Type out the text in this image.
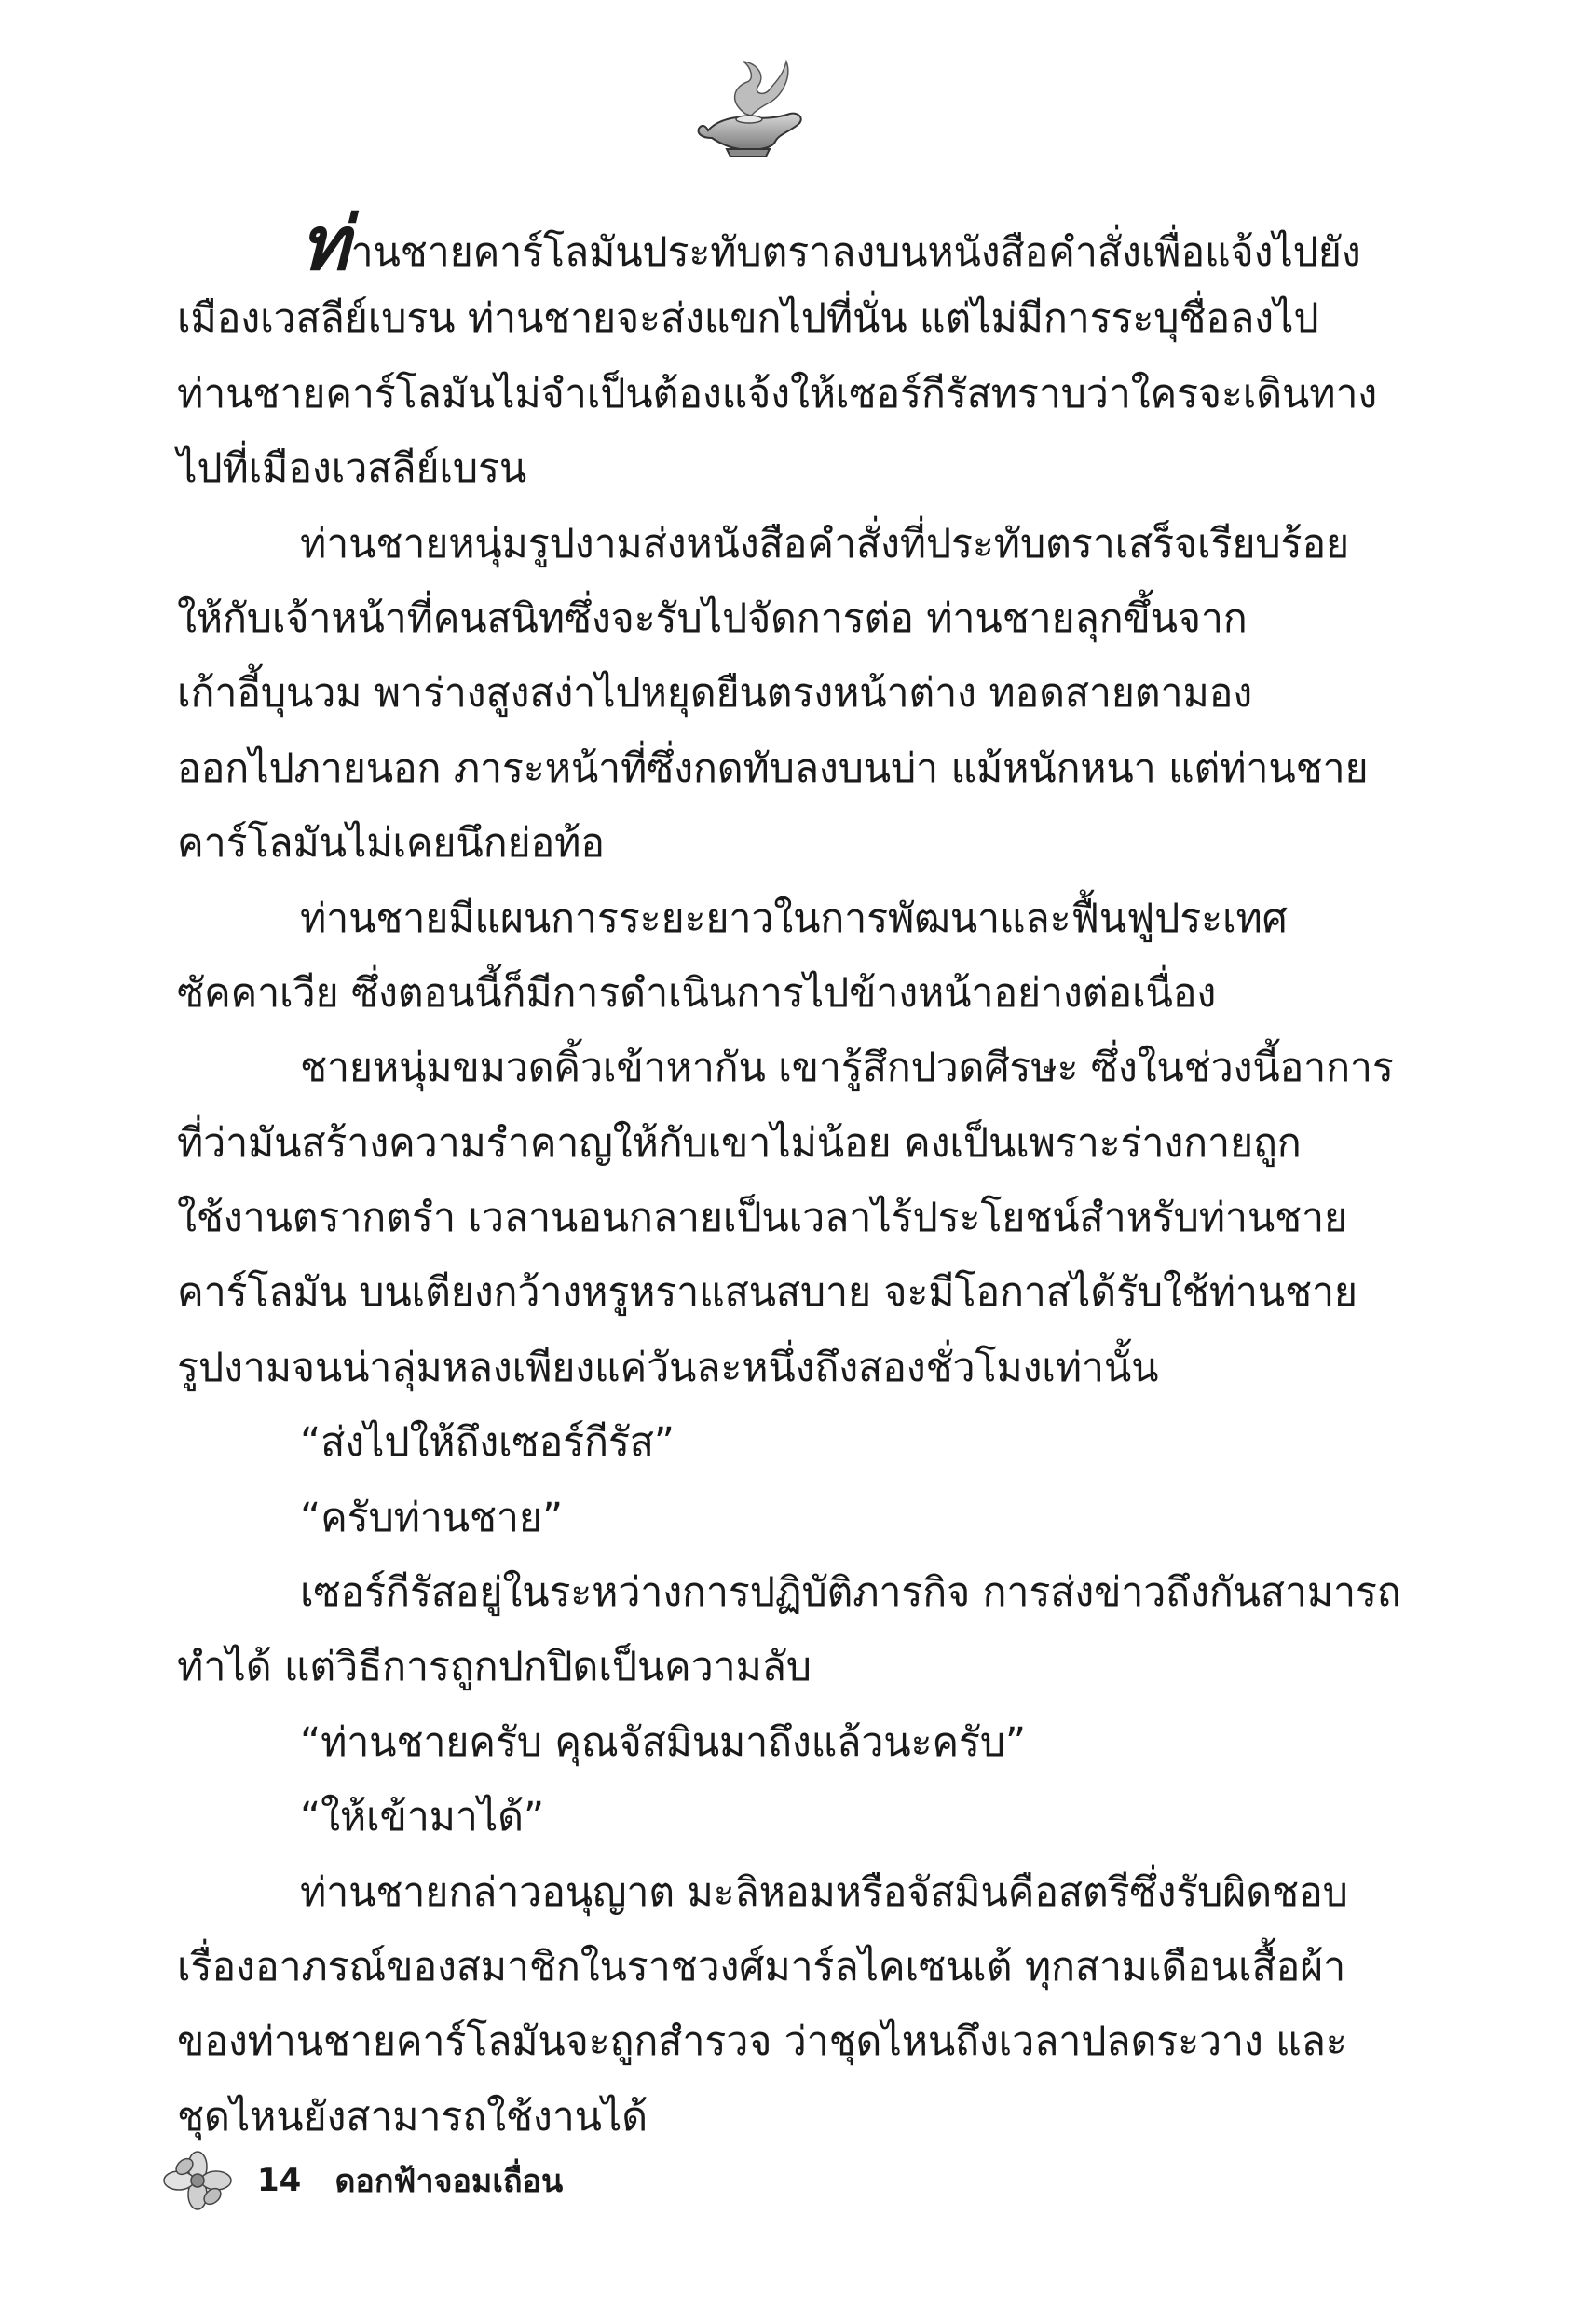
ท่านชายคาร์โลมันประทับตราลงบนหนังสือคำสั่งเพื่อแจ้งไปยัง
เมืองเวสลีย์เบรน ท่านชายจะส่งแขกไปที่นั่น แต่ไม่มีการระบุชื่อลงไป
ท่านชายคาร์โลมันไม่จำเป็นต้องแจ้งให้เซอร์กีรัสทราบว่าใครจะเดินทาง
ไปที่เมืองเวสลีย์เบรน
ท่านชายหนุ่มรูปงามส่งหนังสือคำสั่งที่ประทับตราเสร็จเรียบร้อย
ให้กับเจ้าหน้าที่คนสนิทซึ่งจะรับไปจัดการต่อ ท่านชายลุกขึ้นจาก
เก้าอี้บุนวม พาร่างสูงสง่าไปหยุดยืนตรงหน้าต่าง ทอดสายตามอง
ออกไปภายนอก ภาระหน้าที่ซึ่งกดทับลงบนบ่า แม้หนักหนา แต่ท่านชาย
คาร์โลมันไม่เคยนึกย่อท้อ
ท่านชายมีแผนการระยะยาวในการพัฒนาและฟื้นฟูประเทศ
ซัคคาเวีย ซึ่งตอนนี้ก็มีการดำเนินการไปข้างหน้าอย่างต่อเนื่อง
ชายหนุ่มขมวดคิ้วเข้าหากัน เขารู้สึกปวดศีรษะ ซึ่งในช่วงนี้อาการ
ที่ว่ามันสร้างความรำคาญให้กับเขาไม่น้อย คงเป็นเพราะร่างกายถูก
ใช้งานตรากตรำ เวลานอนกลายเป็นเวลาไร้ประโยชน์สำหรับท่านชาย
คาร์โลมัน บนเตียงกว้างหรูหราแสนสบาย จะมีโอกาสได้รับใช้ท่านชาย
รูปงามจนน่าลุ่มหลงเพียงแค่วันละหนึ่งถึงสองชั่วโมงเท่านั้น
“ส่งไปให้ถึงเซอร์กีรัส”
“ครับท่านชาย”
เซอร์กีรัสอยู่ในระหว่างการปฏิบัติภารกิจ การส่งข่าวถึงกันสามารถ
ทำได้ แต่วิธีการถูกปกปิดเป็นความลับ
“ท่านชายครับ คุณจัสมินมาถึงแล้วนะครับ”
“ให้เข้ามาได้”
ท่านชายกล่าวอนุญาต มะลิหอมหรือจัสมินคือสตรีซึ่งรับผิดชอบ
เรื่องอาภรณ์ของสมาชิกในราชวงศ์มาร์ลไคเซนเต้ ทุกสามเดือนเสื้อผ้า
ของท่านชายคาร์โลมันจะถูกสำรวจ ว่าชุดไหนถึงเวลาปลดระวาง และ
ชุดไหนยังสามารถใช้งานได้
14 ดอกฟ้าจอมเถื่อน
